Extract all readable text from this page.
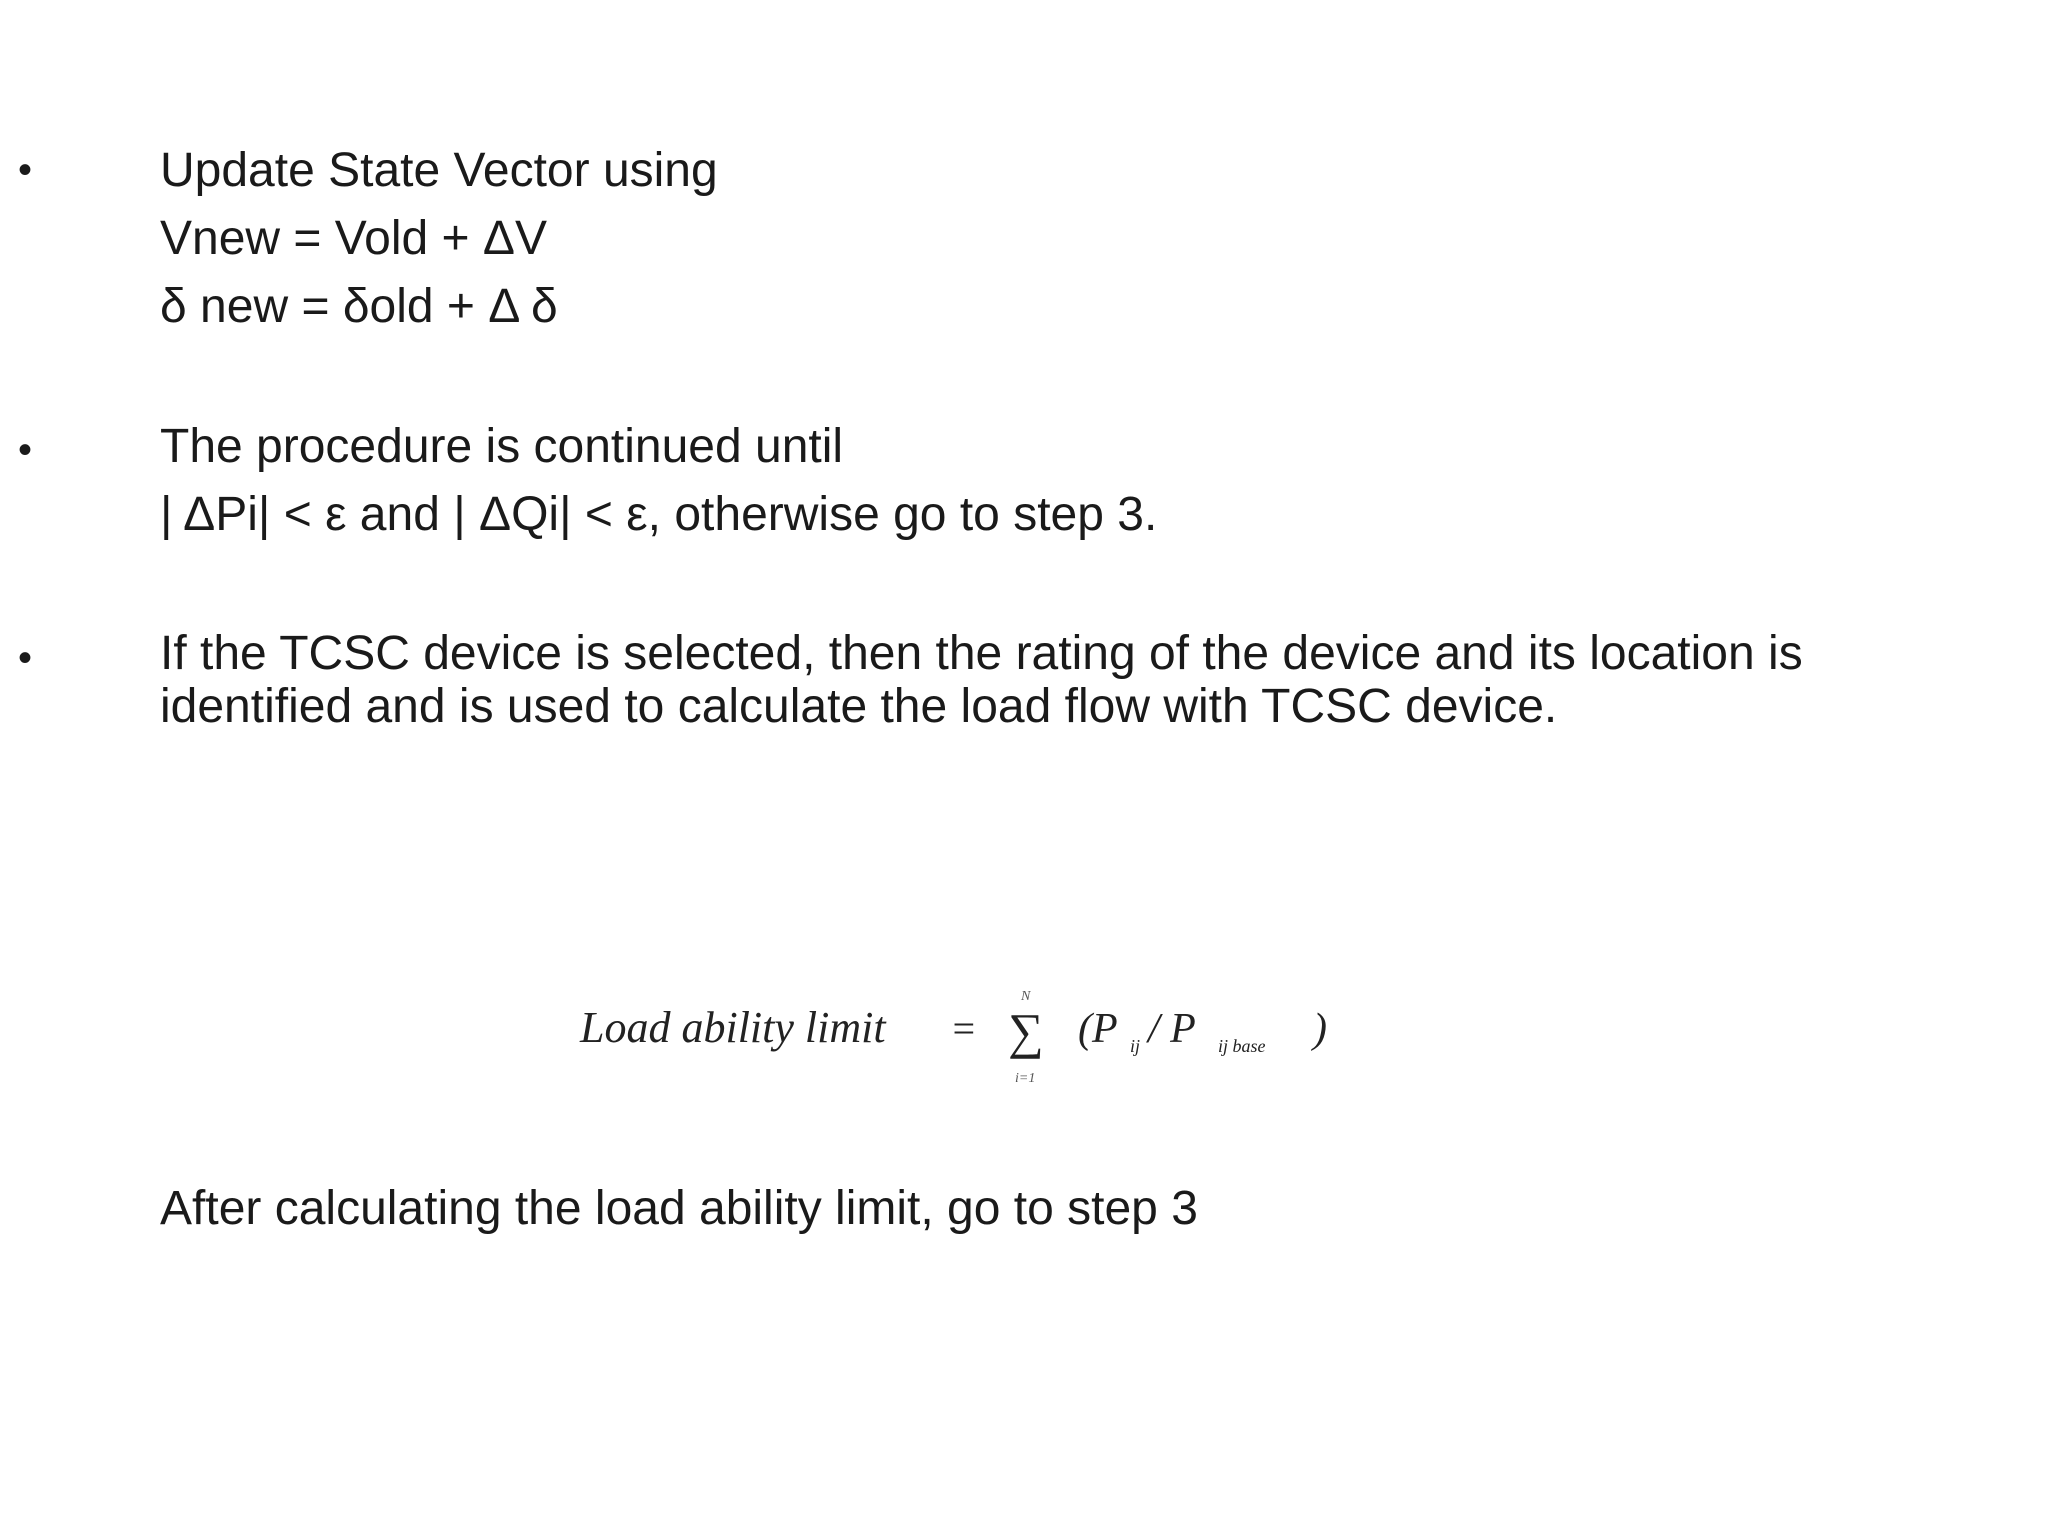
•	Update State Vector using
Vnew = Vold + ΔV
δ new = δold + Δ δ
•	The procedure is continued until
| ΔPi| < ε and | ΔQi| < ε, otherwise go to step 3.
•	If the TCSC device is selected, then the rating of the device and its location is identified and is used to calculate the load flow with TCSC device.
Load ability limit =
N
∑
i=1
(P ij / P ij base )
After calculating the load ability limit, go to step 3
